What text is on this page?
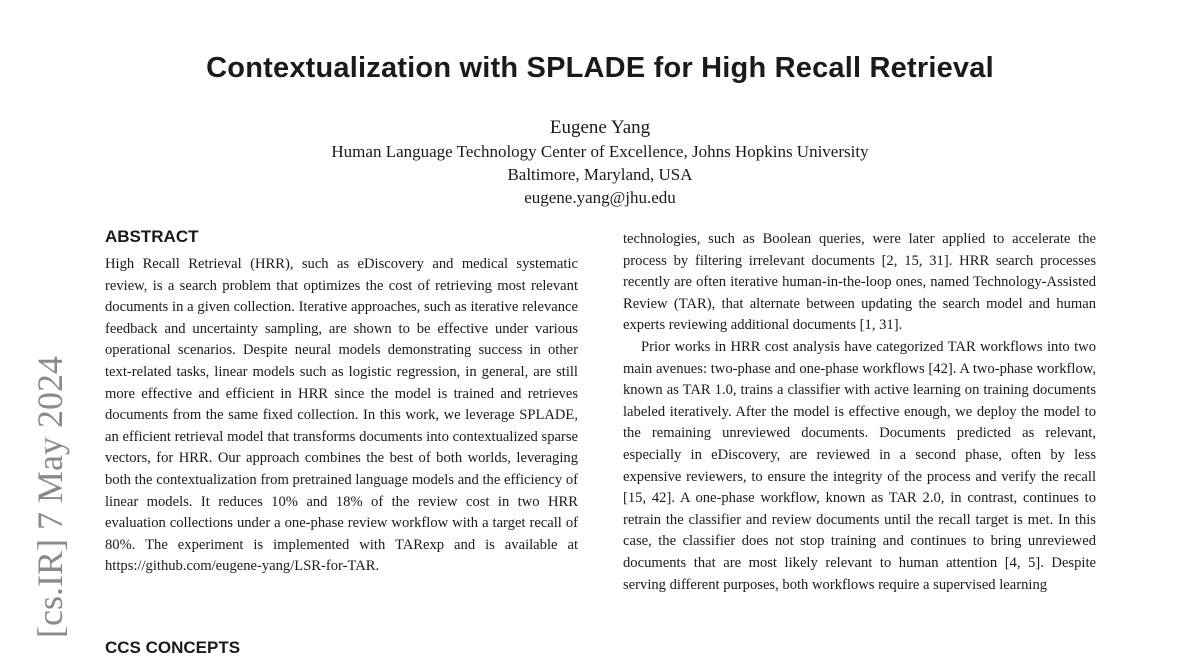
Contextualization with SPLADE for High Recall Retrieval
Eugene Yang
Human Language Technology Center of Excellence, Johns Hopkins University
Baltimore, Maryland, USA
eugene.yang@jhu.edu
[cs.IR] 7 May 2024
ABSTRACT

High Recall Retrieval (HRR), such as eDiscovery and medical systematic review, is a search problem that optimizes the cost of retrieving most relevant documents in a given collection. Iterative approaches, such as iterative relevance feedback and uncertainty sampling, are shown to be effective under various operational scenarios. Despite neural models demonstrating success in other text-related tasks, linear models such as logistic regression, in general, are still more effective and efficient in HRR since the model is trained and retrieves documents from the same fixed collection. In this work, we leverage SPLADE, an efficient retrieval model that transforms documents into contextualized sparse vectors, for HRR. Our approach combines the best of both worlds, leveraging both the contextualization from pretrained language models and the efficiency of linear models. It reduces 10% and 18% of the review cost in two HRR evaluation collections under a one-phase review workflow with a target recall of 80%. The experiment is implemented with TARexp and is available at https://github.com/eugene-yang/LSR-for-TAR.

CCS CONCEPTS

technologies, such as Boolean queries, were later applied to accelerate the process by filtering irrelevant documents [2, 15, 31]. HRR search processes recently are often iterative human-in-the-loop ones, named Technology-Assisted Review (TAR), that alternate between updating the search model and human experts reviewing additional documents [1, 31].

Prior works in HRR cost analysis have categorized TAR workflows into two main avenues: two-phase and one-phase workflows [42]. A two-phase workflow, known as TAR 1.0, trains a classifier with active learning on training documents labeled iteratively. After the model is effective enough, we deploy the model to the remaining unreviewed documents. Documents predicted as relevant, especially in eDiscovery, are reviewed in a second phase, often by less expensive reviewers, to ensure the integrity of the process and verify the recall [15, 42]. A one-phase workflow, known as TAR 2.0, in contrast, continues to retrain the classifier and review documents until the recall target is met. In this case, the classifier does not stop training and continues to bring unreviewed documents that are most likely relevant to human attention [4, 5]. Despite serving different purposes, both workflows require a supervised learning
